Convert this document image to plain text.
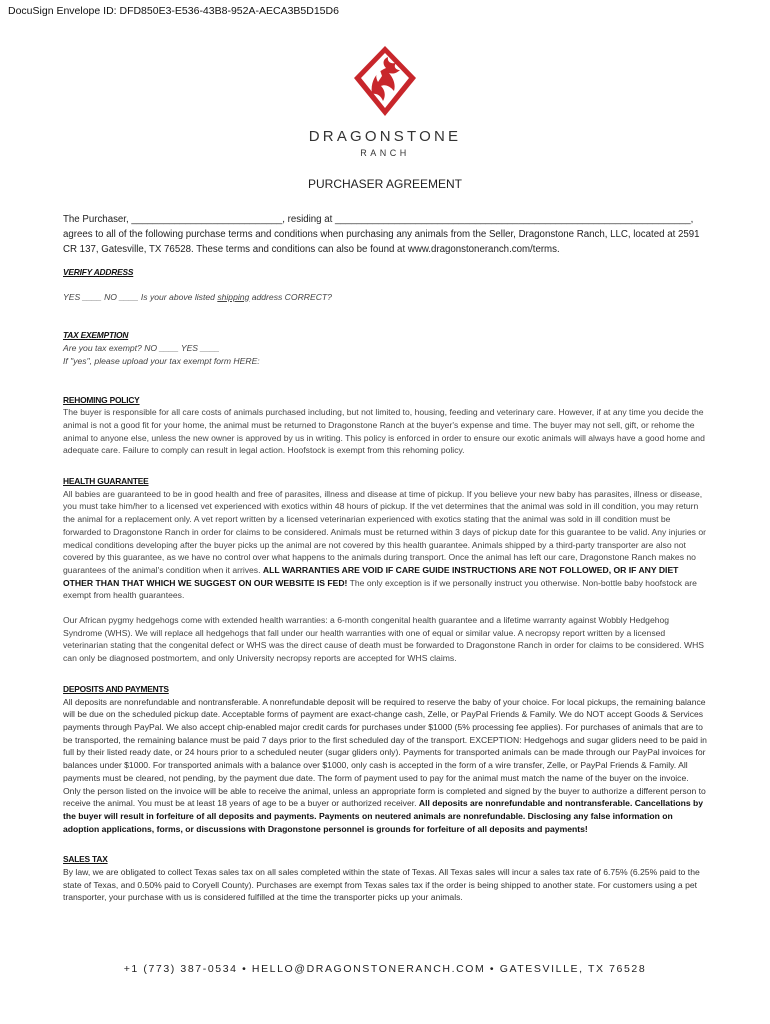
DocuSign Envelope ID: DFD850E3-E536-43B8-952A-AECA3B5D15D6
DRAGONSTONE
RANCH
PURCHASER AGREEMENT

The Purchaser, ____________________________, residing at __________________________________________________________________, agrees to all of the following purchase terms and conditions when purchasing any animals from the Seller, Dragonstone Ranch, LLC, located at 2591 CR 137, Gatesville, TX 76528. These terms and conditions can also be found at www.dragonstoneranch.com/terms.

VERIFY ADDRESS

YES ____ NO ____ Is your above listed shipping address CORRECT?

TAX EXEMPTION

Are you tax exempt? NO ____ YES ____

If "yes", please upload your tax exempt form HERE:

REHOMING POLICY

The buyer is responsible for all care costs of animals purchased including, but not limited to, housing, feeding and veterinary care. However, if at any time you decide the animal is not a good fit for your home, the animal must be returned to Dragonstone Ranch at the buyer's expense and time. The buyer may not sell, gift, or rehome the animal to anyone else, unless the new owner is approved by us in writing. This policy is enforced in order to ensure our exotic animals will always have a good home and adequate care. Failure to comply can result in legal action. Hoofstock is exempt from this rehoming policy.

HEALTH GUARANTEE

All babies are guaranteed to be in good health and free of parasites, illness and disease at time of pickup. If you believe your new baby has parasites, illness or disease, you must take him/her to a licensed vet experienced with exotics within 48 hours of pickup. If the vet determines that the animal was sold in ill condition, you may return the animal for a replacement only. A vet report written by a licensed veterinarian experienced with exotics stating that the animal was sold in ill condition must be forwarded to Dragonstone Ranch in order for claims to be considered. Animals must be returned within 3 days of pickup date for this guarantee to be valid. Any injuries or medical conditions developing after the buyer picks up the animal are not covered by this health guarantee. Animals shipped by a third-party transporter are also not covered by this guarantee, as we have no control over what happens to the animals during transport. Once the animal has left our care, Dragonstone Ranch makes no guarantees of the animal's condition when it arrives. ALL WARRANTIES ARE VOID IF CARE GUIDE INSTRUCTIONS ARE NOT FOLLOWED, OR IF ANY DIET OTHER THAN THAT WHICH WE SUGGEST ON OUR WEBSITE IS FED! The only exception is if we personally instruct you otherwise. Non-bottle baby hoofstock are exempt from health guarantees.

Our African pygmy hedgehogs come with extended health warranties: a 6-month congenital health guarantee and a lifetime warranty against Wobbly Hedgehog Syndrome (WHS). We will replace all hedgehogs that fall under our health warranties with one of equal or similar value. A necropsy report written by a licensed veterinarian stating that the congenital defect or WHS was the direct cause of death must be forwarded to Dragonstone Ranch in order for claims to be considered. WHS can only be diagnosed postmortem, and only University necropsy reports are accepted for WHS claims.

DEPOSITS AND PAYMENTS

All deposits are nonrefundable and nontransferable. A nonrefundable deposit will be required to reserve the baby of your choice. For local pickups, the remaining balance will be due on the scheduled pickup date. Acceptable forms of payment are exact-change cash, Zelle, or PayPal Friends & Family. We do NOT accept Goods & Services payments through PayPal. We also accept chip-enabled major credit cards for purchases under $1000 (5% processing fee applies). For purchases of animals that are to be transported, the remaining balance must be paid 7 days prior to the first scheduled day of the transport. EXCEPTION: Hedgehogs and sugar gliders need to be paid in full by their listed ready date, or 24 hours prior to a scheduled neuter (sugar gliders only). Payments for transported animals can be made through our PayPal invoices for balances under $1000. For transported animals with a balance over $1000, only cash is accepted in the form of a wire transfer, Zelle, or PayPal Friends & Family. All payments must be cleared, not pending, by the payment due date. The form of payment used to pay for the animal must match the name of the buyer on the invoice. Only the person listed on the invoice will be able to receive the animal, unless an appropriate form is completed and signed by the buyer to authorize a different person to receive the animal. You must be at least 18 years of age to be a buyer or authorized receiver. All deposits are nonrefundable and nontransferable. Cancellations by the buyer will result in forfeiture of all deposits and payments. Payments on neutered animals are nonrefundable. Disclosing any false information on adoption applications, forms, or discussions with Dragonstone personnel is grounds for forfeiture of all deposits and payments!

SALES TAX

By law, we are obligated to collect Texas sales tax on all sales completed within the state of Texas. All Texas sales will incur a sales tax rate of 6.75% (6.25% paid to the state of Texas, and 0.50% paid to Coryell County). Purchases are exempt from Texas sales tax if the order is being shipped to another state. For customers using a pet transporter, your purchase with us is considered fulfilled at the time the transporter picks up your animals.

+1 (773) 387-0534 • HELLO@DRAGONSTONERANCH.COM • GATESVILLE, TX 76528
